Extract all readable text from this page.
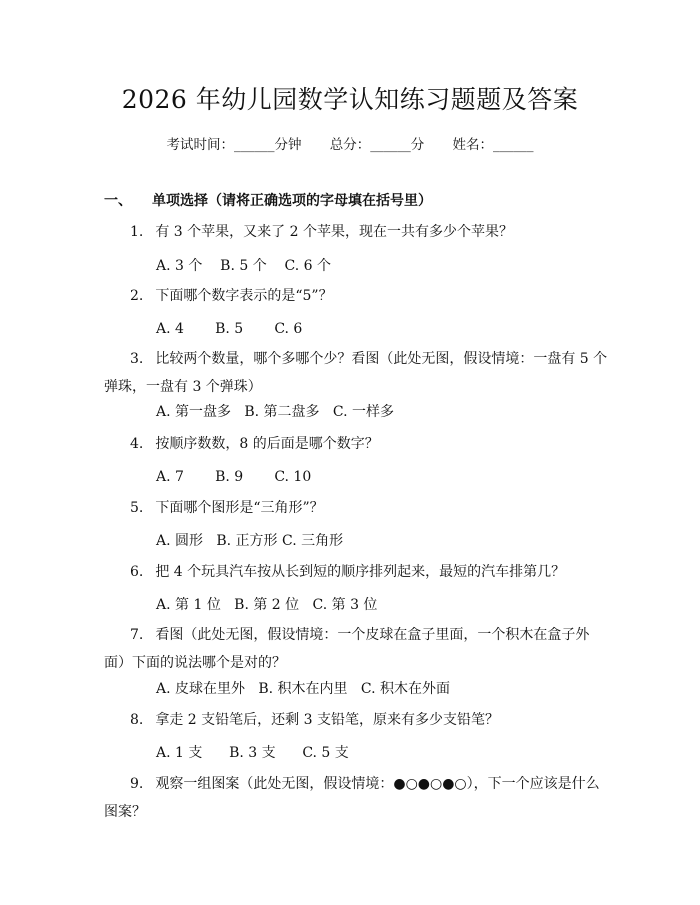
2026 年幼儿园数学认知练习题题及答案
考试时间：______分钟 总分：______分 姓名：______
一、 单项选择（请将正确选项的字母填在括号里）
1. 有 3 个苹果，又来了 2 个苹果，现在一共有多少个苹果？
A. 3 个    B. 5 个    C. 6 个
2. 下面哪个数字表示的是“5”？
A. 4       B. 5       C. 6
3. 比较两个数量，哪个多哪个少？看图（此处无图，假设情境：一盘有 5 个弹珠，一盘有 3 个弹珠）
A. 第一盘多   B. 第二盘多   C. 一样多
4. 按顺序数数，8 的后面是哪个数字？
A. 7       B. 9       C. 10
5. 下面哪个图形是“三角形”？
A. 圆形   B. 正方形 C. 三角形
6. 把 4 个玩具汽车按从长到短的顺序排列起来，最短的汽车排第几？
A. 第 1 位   B. 第 2 位   C. 第 3 位
7. 看图（此处无图，假设情境：一个皮球在盒子里面，一个积木在盒子外面）下面的说法哪个是对的？
A. 皮球在里外   B. 积木在内里   C. 积木在外面
8. 拿走 2 支铅笔后，还剩 3 支铅笔，原来有多少支铅笔？
A. 1 支      B. 3 支      C. 5 支
9. 观察一组图案（此处无图，假设情境：●○●○●○），下一个应该是什么图案？
